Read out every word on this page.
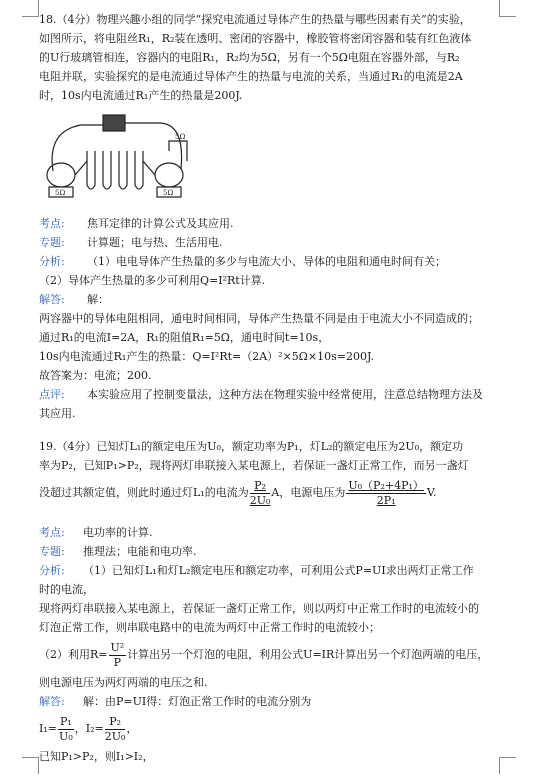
18.（4分）物理兴趣小组的同学“探究电流通过导体产生的热量与哪些因素有关”的实验，
如图所示，将电阻丝R₁，R₂装在透明、密闭的容器中，橡胶管将密闭容器和装有红色液体
的U行玻璃管相连，容器内的电阻R₁，R₂均为5Ω，另有一个5Ω电阻在容器外部，与R₂
电阻并联，实验探究的是电流通过导体产生的热量与电流的关系，当通过R₁的电流是2A
时，10s内电流通过R₁产生的热量是200J.
5Ω	5Ω
5Ω
考点: 焦耳定律的计算公式及其应用.
专题: 计算题；电与热、生活用电.
分析: （1）电电导体产生热量的多少与电流大小、导体的电阻和通电时间有关；
（2）导体产生热量的多少可利用Q=I²Rt计算.
解答: 解：
两容器中的导体电阻相同，通电时间相同，导体产生热量不同是由于电流大小不同造成的；
通过R₁的电流I=2A，R₁的阻值R₁=5Ω，通电时间t=10s，
10s内电流通过R₁产生的热量：Q=I²Rt=（2A）²×5Ω×10s=200J.
故答案为：电流；200.
点评: 本实验应用了控制变量法，这种方法在物理实验中经常使用，注意总结物理方法及
其应用.
19.（4分）已知灯L₁的额定电压为U₀，额定功率为P₁，灯L₂的额定电压为2U₀，额定功
率为P₂，已知P₁>P₂，现将两灯串联接入某电源上，若保证一盏灯正常工作，而另一盏灯
没超过其额定值，则此时通过灯L₁的电流为 $\frac{\text{P₂}}{\text{2U₀}}$ A，电源电压为 $\frac{\text{U₀（P₂+4P₁）}}{\text{2P₁}} V$.
考点: 电功率的计算.
专题: 推理法；电能和电功率.
分析: （1）已知灯L₁和灯L₂额定电压和额定功率，可利用公式P=UI求出两灯正常工作
时的电流，
现将两灯串联接入某电源上，若保证一盏灯正常工作，则以两灯中正常工作时的电流较小的
灯泡正常工作，则串联电路中的电流为两灯中正常工作时的电流较小；
（2）利用$R= \frac{\text{U²}}{P}$ 计算出另一个灯泡的电阻，利用公式U=IR计算出另一个灯泡两端的电压，
则电源电压为两灯两端的电压之和.
解答: 解：由P=UI得：灯泡正常工作时的电流分别为
$I_1= \frac{\text{P₁}}{\text{U₀}}$ ，$I_2= \frac{\text{P₂}}{\text{2U₀}}$ ，
已知P₁>P₂，则I₁>I₂，
